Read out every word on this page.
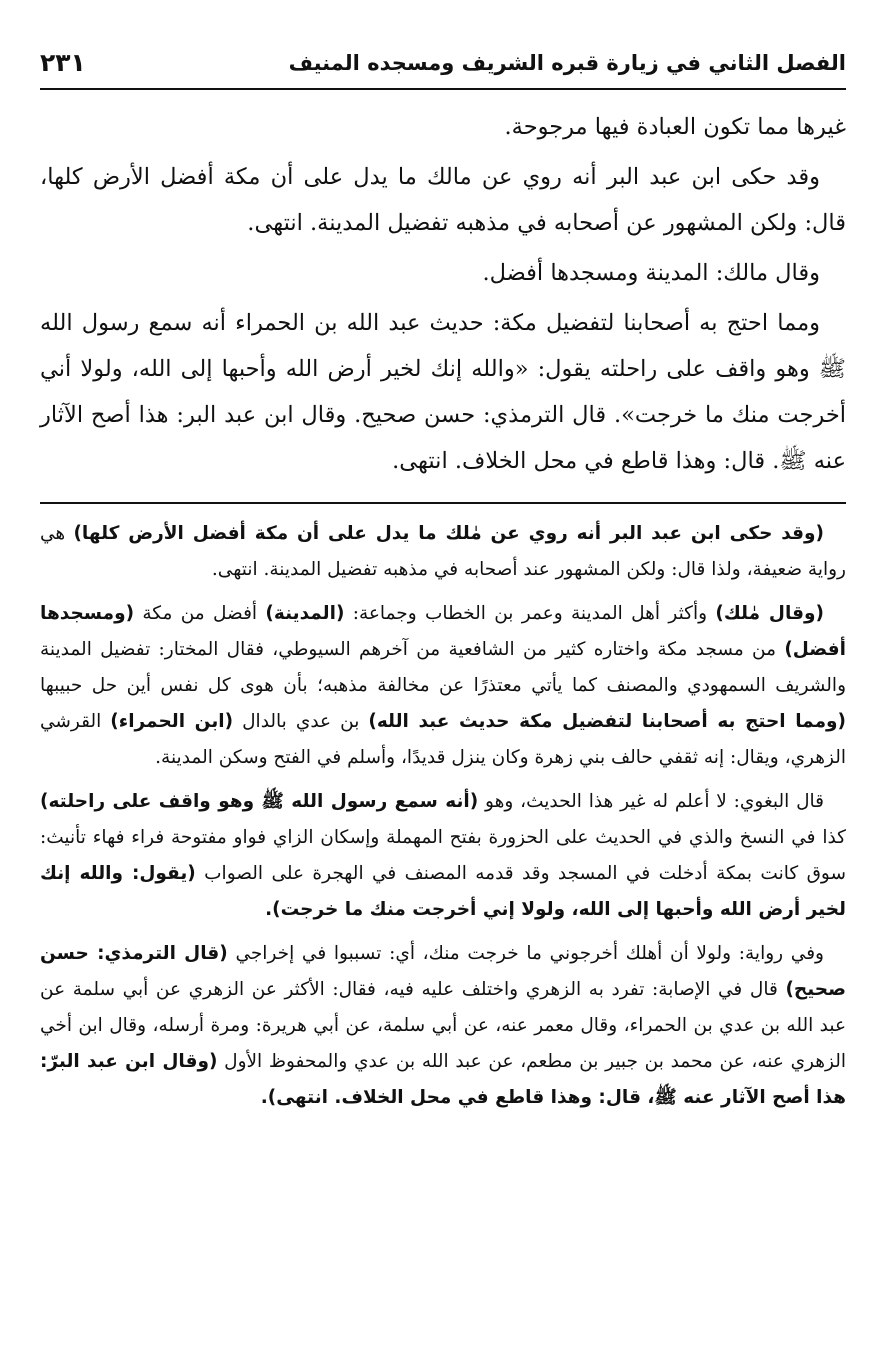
الفصل الثاني في زيارة قبره الشريف ومسجده المنيف
٢٣١

غيرها مما تكون العبادة فيها مرجوحة.

وقد حكى ابن عبد البر أنه روي عن مالك ما يدل على أن مكة أفضل الأرض كلها، قال: ولكن المشهور عن أصحابه في مذهبه تفضيل المدينة. انتهى.

وقال مالك: المدينة ومسجدها أفضل.

ومما احتج به أصحابنا لتفضيل مكة: حديث عبد الله بن الحمراء أنه سمع رسول الله ﷺ وهو واقف على راحلته يقول: «والله إنك لخير أرض الله وأحبها إلى الله، ولولا أني أخرجت منك ما خرجت». قال الترمذي: حسن صحيح. وقال ابن عبد البر: هذا أصح الآثار عنه ﷺ. قال: وهذا قاطع في محل الخلاف. انتهى.

(وقد حكى ابن عبد البر أنه روي عن مٰلك ما يدل على أن مكة أفضل الأرض كلها) هي رواية ضعيفة، ولذا قال: ولكن المشهور عند أصحابه في مذهبه تفضيل المدينة. انتهى.

(وقال مٰلك) وأكثر أهل المدينة وعمر بن الخطاب وجماعة: (المدينة) أفضل من مكة (ومسجدها أفضل) من مسجد مكة واختاره كثير من الشافعية من آخرهم السيوطي، فقال المختار: تفضيل المدينة والشريف السمهودي والمصنف كما يأتي معتذرًا عن مخالفة مذهبه؛ بأن هوى كل نفس أين حل حبيبها (ومما احتج به أصحابنا لتفضيل مكة حديث عبد الله) بن عدي بالدال (ابن الحمراء) القرشي الزهري، ويقال: إنه ثقفي حالف بني زهرة وكان ينزل قديدًا، وأسلم في الفتح وسكن المدينة.

قال البغوي: لا أعلم له غير هذا الحديث، وهو (أنه سمع رسول الله ﷺ وهو واقف على راحلته) كذا في النسخ والذي في الحديث على الحزورة بفتح المهملة وإسكان الزاي فواو مفتوحة فراء فهاء تأنيث: سوق كانت بمكة أدخلت في المسجد وقد قدمه المصنف في الهجرة على الصواب (يقول: والله إنك لخير أرض الله وأحبها إلى الله، ولولا إني أخرجت منك ما خرجت).

وفي رواية: ولولا أن أهلك أخرجوني ما خرجت منك، أي: تسببوا في إخراجي (قال الترمذي: حسن صحيح) قال في الإصابة: تفرد به الزهري واختلف عليه فيه، فقال: الأكثر عن الزهري عن أبي سلمة عن عبد الله بن عدي بن الحمراء، وقال معمر عنه، عن أبي سلمة، عن أبي هريرة: ومرة أرسله، وقال ابن أخي الزهري عنه، عن محمد بن جبير بن مطعم، عن عبد الله بن عدي والمحفوظ الأول (وقال ابن عبد البرّ: هذا أصح الآثار عنه ﷺ، قال: وهذا قاطع في محل الخلاف. انتهى).
